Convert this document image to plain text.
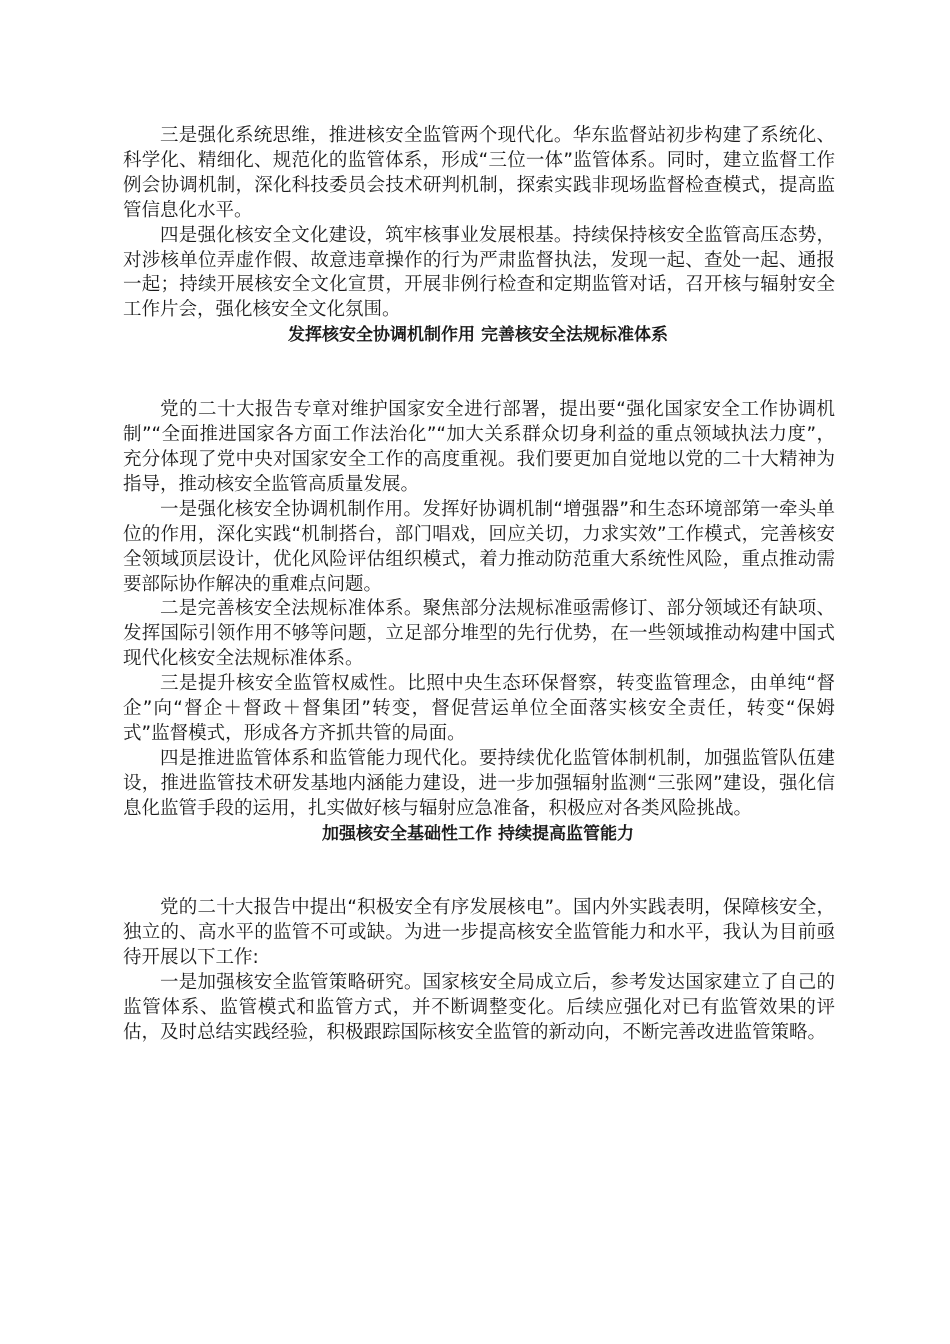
三是强化系统思维，推进核安全监管两个现代化。华东监督站初步构建了系统化、科学化、精细化、规范化的监管体系，形成“三位一体”监管体系。同时，建立监督工作例会协调机制，深化科技委员会技术研判机制，探索实践非现场监督检查模式，提高监管信息化水平。

四是强化核安全文化建设，筑牢核事业发展根基。持续保持核安全监管高压态势，对涉核单位弄虚作假、故意违章操作的行为严肃监督执法，发现一起、查处一起、通报一起；持续开展核安全文化宣贯，开展非例行检查和定期监管对话，召开核与辐射安全工作片会，强化核安全文化氛围。

发挥核安全协调机制作用 完善核安全法规标准体系

党的二十大报告专章对维护国家安全进行部署，提出要“强化国家安全工作协调机制”“全面推进国家各方面工作法治化”“加大关系群众切身利益的重点领域执法力度”，充分体现了党中央对国家安全工作的高度重视。我们要更加自觉地以党的二十大精神为指导，推动核安全监管高质量发展。

一是强化核安全协调机制作用。发挥好协调机制“增强器”和生态环境部第一牵头单位的作用，深化实践“机制搭台，部门唱戏，回应关切，力求实效”工作模式，完善核安全领域顶层设计，优化风险评估组织模式，着力推动防范重大系统性风险，重点推动需要部际协作解决的重难点问题。

二是完善核安全法规标准体系。聚焦部分法规标准亟需修订、部分领域还有缺项、发挥国际引领作用不够等问题，立足部分堆型的先行优势，在一些领域推动构建中国式现代化核安全法规标准体系。

三是提升核安全监管权威性。比照中央生态环保督察，转变监管理念，由单纯“督企”向“督企＋督政＋督集团”转变，督促营运单位全面落实核安全责任，转变“保姆式”监督模式，形成各方齐抓共管的局面。

四是推进监管体系和监管能力现代化。要持续优化监管体制机制，加强监管队伍建设，推进监管技术研发基地内涵能力建设，进一步加强辐射监测“三张网”建设，强化信息化监管手段的运用，扎实做好核与辐射应急准备，积极应对各类风险挑战。

加强核安全基础性工作 持续提高监管能力

党的二十大报告中提出“积极安全有序发展核电”。国内外实践表明，保障核安全，独立的、高水平的监管不可或缺。为进一步提高核安全监管能力和水平，我认为目前亟待开展以下工作:

一是加强核安全监管策略研究。国家核安全局成立后，参考发达国家建立了自己的监管体系、监管模式和监管方式，并不断调整变化。后续应强化对已有监管效果的评估，及时总结实践经验，积极跟踪国际核安全监管的新动向，不断完善改进监管策略。
